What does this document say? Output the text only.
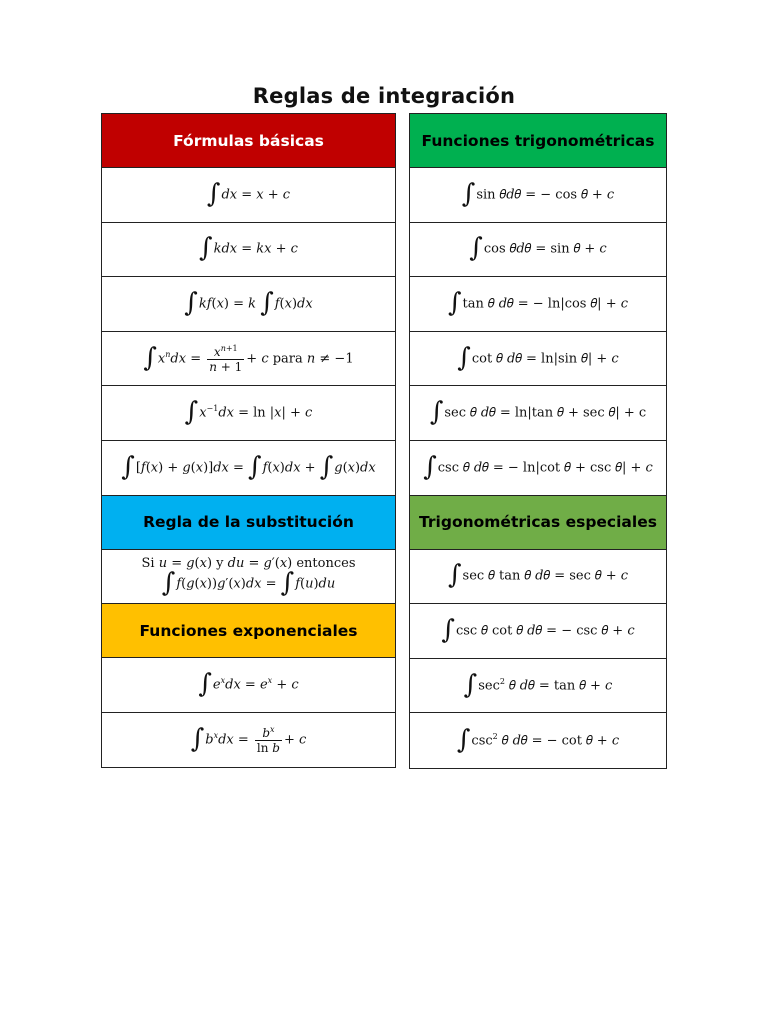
Reglas de integración
Fórmulas básicas
∫𝑑𝑥 = 𝑥 + 𝑐
∫𝑘𝑑𝑥 = 𝑘𝑥 + 𝑐
∫𝑘𝑓(𝑥) = 𝑘 ∫𝑓(𝑥)𝑑𝑥
∫𝑥$^𝑛$𝑑𝑥 = $\frac{𝑥^{𝑛+1}}{\text{𝑛 + 1}}$ + 𝑐 para 𝑛 ≠ −1
∫𝑥$^{-1}$𝑑𝑥 = ln |𝑥| + 𝑐
∫[𝑓(𝑥) + 𝑔(𝑥)]𝑑𝑥 = ∫𝑓(𝑥)𝑑𝑥 + ∫𝑔(𝑥)𝑑𝑥
Regla de la substitución
Si 𝑢 = 𝑔(𝑥) y 𝑑𝑢 = 𝑔′(𝑥) entonces
∫𝑓(𝑔(𝑥))𝑔′(𝑥)𝑑𝑥 = ∫𝑓(𝑢)𝑑𝑢
Funciones exponenciales
∫𝑒$^𝑥$𝑑𝑥 = 𝑒$^𝑥$ + 𝑐
∫𝑏$^𝑥$𝑑𝑥 = $\frac{𝑏^𝑥}{\text{ln 𝑏}}$ + 𝑐
Funciones trigonométricas
∫sin 𝜃𝑑𝜃 = − cos 𝜃 + 𝑐
∫cos 𝜃𝑑𝜃 = sin 𝜃 + 𝑐
∫tan 𝜃 𝑑𝜃 = − ln|cos 𝜃| + 𝑐
∫cot 𝜃 𝑑𝜃 = ln|sin 𝜃| + 𝑐
∫sec 𝜃 𝑑𝜃 = ln|tan 𝜃 + sec 𝜃| + c
∫csc 𝜃 𝑑𝜃 = − ln|cot 𝜃 + csc 𝜃| + 𝑐
Trigonométricas especiales
∫sec 𝜃 tan 𝜃 𝑑𝜃 = sec 𝜃 + 𝑐
∫csc 𝜃 cot 𝜃 𝑑𝜃 = − csc 𝜃 + 𝑐
$\int\sec^2$ 𝜃 𝑑𝜃 = tan 𝜃 + 𝑐
$\int\csc^2$ 𝜃 𝑑𝜃 = − cot 𝜃 + 𝑐
